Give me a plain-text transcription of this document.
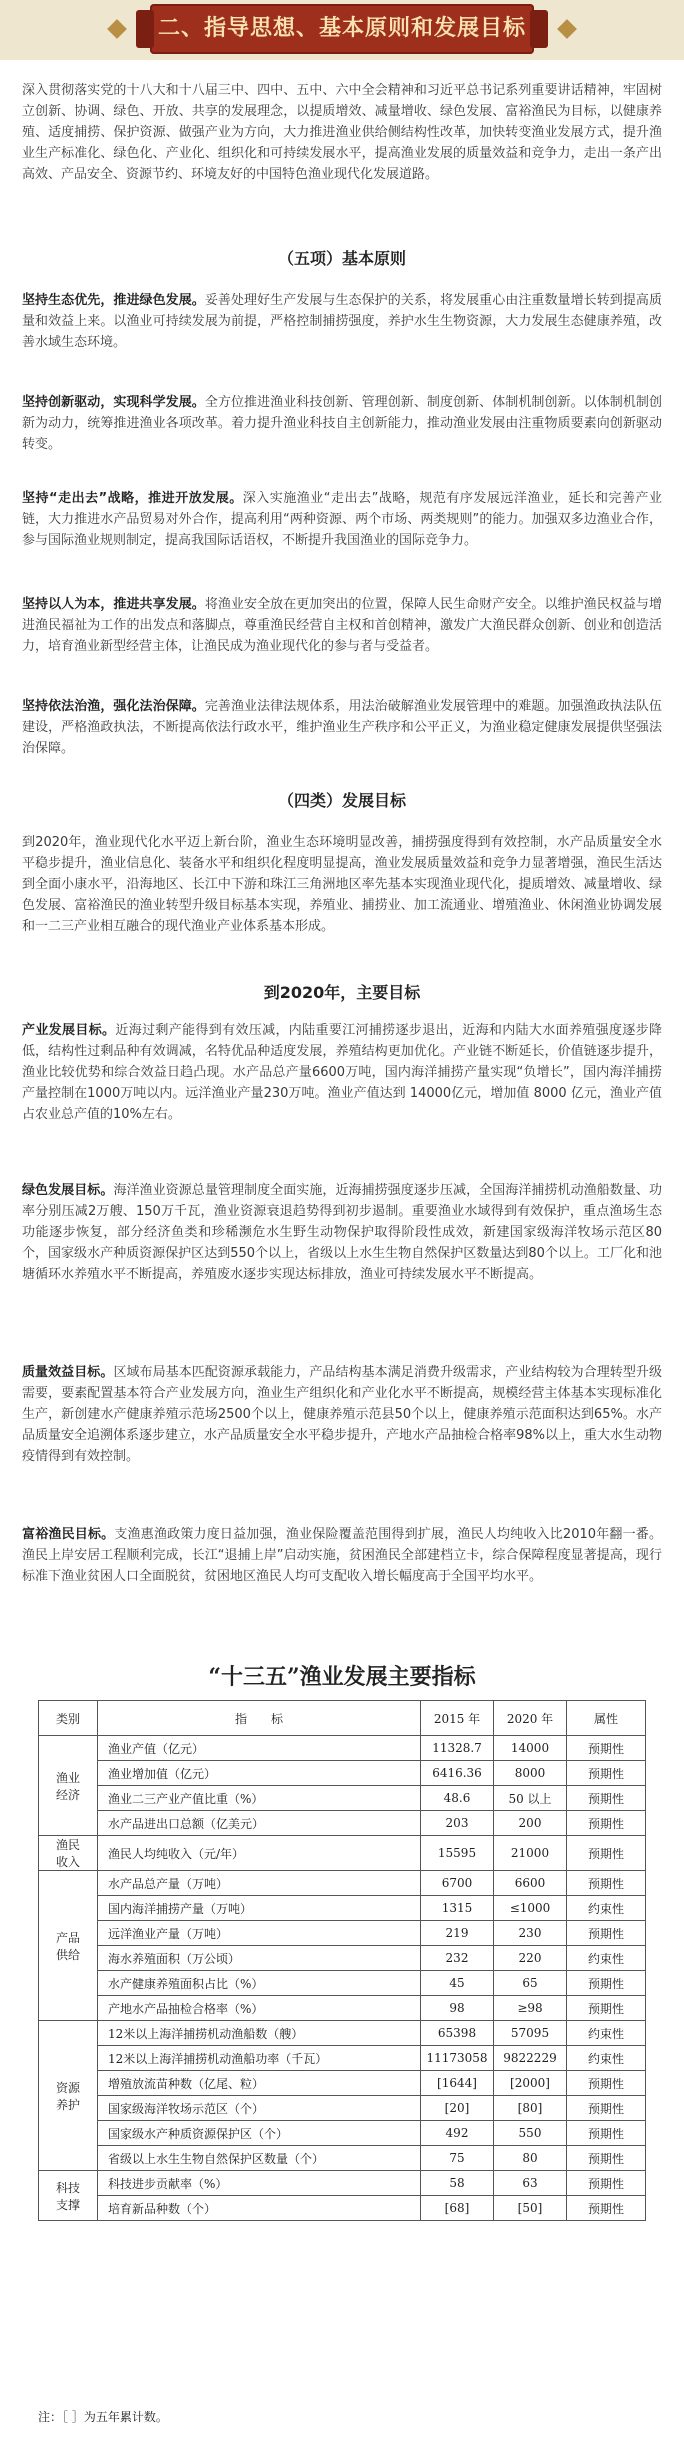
二、指导思想、基本原则和发展目标
深入贯彻落实党的十八大和十八届三中、四中、五中、六中全会精神和习近平总书记系列重要讲话精神，牢固树立创新、协调、绿色、开放、共享的发展理念，以提质增效、减量增收、绿色发展、富裕渔民为目标，以健康养殖、适度捕捞、保护资源、做强产业为方向，大力推进渔业供给侧结构性改革，加快转变渔业发展方式，提升渔业生产标准化、绿色化、产业化、组织化和可持续发展水平，提高渔业发展的质量效益和竞争力，走出一条产出高效、产品安全、资源节约、环境友好的中国特色渔业现代化发展道路。
（五项）基本原则
坚持生态优先，推进绿色发展。妥善处理好生产发展与生态保护的关系，将发展重心由注重数量增长转到提高质量和效益上来。以渔业可持续发展为前提，严格控制捕捞强度，养护水生生物资源，大力发展生态健康养殖，改善水域生态环境。
坚持创新驱动，实现科学发展。全方位推进渔业科技创新、管理创新、制度创新、体制机制创新。以体制机制创新为动力，统筹推进渔业各项改革。着力提升渔业科技自主创新能力，推动渔业发展由注重物质要素向创新驱动转变。
坚持“走出去”战略，推进开放发展。深入实施渔业“走出去”战略，规范有序发展远洋渔业，延长和完善产业链，大力推进水产品贸易对外合作，提高利用“两种资源、两个市场、两类规则”的能力。加强双多边渔业合作，参与国际渔业规则制定，提高我国际话语权，不断提升我国渔业的国际竞争力。
坚持以人为本，推进共享发展。将渔业安全放在更加突出的位置，保障人民生命财产安全。以维护渔民权益与增进渔民福祉为工作的出发点和落脚点，尊重渔民经营自主权和首创精神，激发广大渔民群众创新、创业和创造活力，培育渔业新型经营主体，让渔民成为渔业现代化的参与者与受益者。
坚持依法治渔，强化法治保障。完善渔业法律法规体系，用法治破解渔业发展管理中的难题。加强渔政执法队伍建设，严格渔政执法，不断提高依法行政水平，维护渔业生产秩序和公平正义，为渔业稳定健康发展提供坚强法治保障。
（四类）发展目标
到2020年，渔业现代化水平迈上新台阶，渔业生态环境明显改善，捕捞强度得到有效控制，水产品质量安全水平稳步提升，渔业信息化、装备水平和组织化程度明显提高，渔业发展质量效益和竞争力显著增强，渔民生活达到全面小康水平，沿海地区、长江中下游和珠江三角洲地区率先基本实现渔业现代化，提质增效、减量增收、绿色发展、富裕渔民的渔业转型升级目标基本实现，养殖业、捕捞业、加工流通业、增殖渔业、休闲渔业协调发展和一二三产业相互融合的现代渔业产业体系基本形成。
到2020年，主要目标
产业发展目标。近海过剩产能得到有效压减，内陆重要江河捕捞逐步退出，近海和内陆大水面养殖强度逐步降低，结构性过剩品种有效调减，名特优品种适度发展，养殖结构更加优化。产业链不断延长，价值链逐步提升，渔业比较优势和综合效益日趋凸现。水产品总产量6600万吨，国内海洋捕捞产量实现“负增长”，国内海洋捕捞产量控制在1000万吨以内。远洋渔业产量230万吨。渔业产值达到 14000亿元，增加值 8000 亿元，渔业产值占农业总产值的10%左右。
绿色发展目标。海洋渔业资源总量管理制度全面实施，近海捕捞强度逐步压减，全国海洋捕捞机动渔船数量、功率分别压减2万艘、150万千瓦，渔业资源衰退趋势得到初步遏制。重要渔业水域得到有效保护，重点渔场生态功能逐步恢复，部分经济鱼类和珍稀濒危水生野生动物保护取得阶段性成效，新建国家级海洋牧场示范区80个，国家级水产种质资源保护区达到550个以上，省级以上水生生物自然保护区数量达到80个以上。工厂化和池塘循环水养殖水平不断提高，养殖废水逐步实现达标排放，渔业可持续发展水平不断提高。
质量效益目标。区域布局基本匹配资源承载能力，产品结构基本满足消费升级需求，产业结构较为合理转型升级需要，要素配置基本符合产业发展方向，渔业生产组织化和产业化水平不断提高，规模经营主体基本实现标准化生产，新创建水产健康养殖示范场2500个以上，健康养殖示范县50个以上，健康养殖示范面积达到65%。水产品质量安全追溯体系逐步建立，水产品质量安全水平稳步提升，产地水产品抽检合格率98%以上，重大水生动物疫情得到有效控制。
富裕渔民目标。支渔惠渔政策力度日益加强，渔业保险覆盖范围得到扩展，渔民人均纯收入比2010年翻一番。渔民上岸安居工程顺利完成，长江“退捕上岸”启动实施，贫困渔民全部建档立卡，综合保障程度显著提高，现行标准下渔业贫困人口全面脱贫，贫困地区渔民人均可支配收入增长幅度高于全国平均水平。
“十三五”渔业发展主要指标
类别	指　　标	2015 年	2020 年	属性
渔业
经济	渔业产值（亿元）	11328.7	14000	预期性
	渔业增加值（亿元）	6416.36	8000	预期性
	渔业二三产业产值比重（%）	48.6	50 以上	预期性
	水产品进出口总额（亿美元）	203	200	预期性
渔民
收入	渔民人均纯收入（元/年）	15595	21000	预期性
产品
供给	水产品总产量（万吨）	6700	6600	预期性
	国内海洋捕捞产量（万吨）	1315	≤1000	约束性
	远洋渔业产量（万吨）	219	230	预期性
	海水养殖面积（万公顷）	232	220	约束性
	水产健康养殖面积占比（%）	45	65	预期性
	产地水产品抽检合格率（%）	98	≥98	预期性
资源
养护	12米以上海洋捕捞机动渔船数（艘）	65398	57095	约束性
	12米以上海洋捕捞机动渔船功率（千瓦）	11173058	9822229	约束性
	增殖放流苗种数（亿尾、粒）	[1644]	[2000]	预期性
	国家级海洋牧场示范区（个）	[20]	[80]	预期性
	国家级水产种质资源保护区（个）	492	550	预期性
	省级以上水生生物自然保护区数量（个）	75	80	预期性
科技
支撑	科技进步贡献率（%）	58	63	预期性
	培育新品种数（个）	[68]	[50]	预期性
注：［ ］为五年累计数。
